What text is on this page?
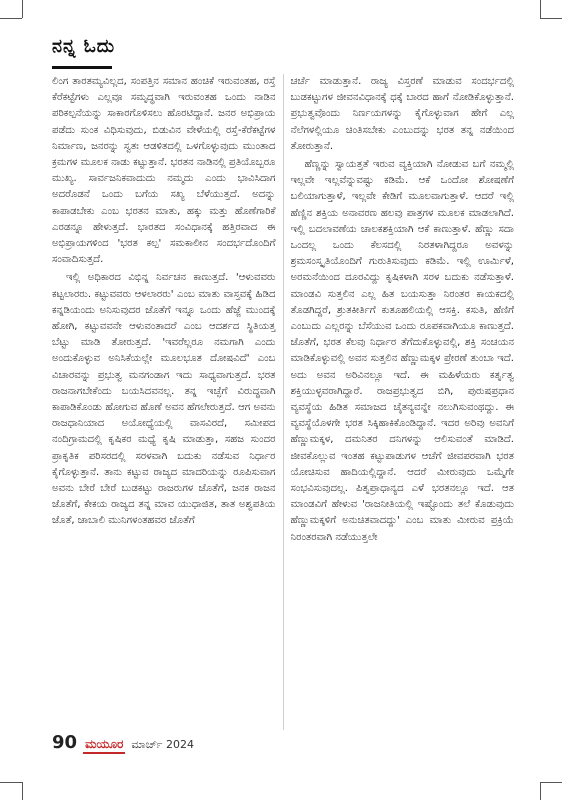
ನನ್ನ ಓದು

ಲಿಂಗ ತಾರತಮ್ಯವಿಲ್ಲದ, ಸಂಪತ್ತಿನ ಸಮಾನ ಹಂಚಿಕೆ ಇರುವಂತಹ, ರಸ್ತೆ ಕೆರೆಕಟ್ಟೆಗಳು ಎಲ್ಲವೂ ಸಮೃದ್ಧವಾಗಿ ಇರುವಂತಹ ಒಂದು ನಾಡಿನ ಪರಿಕಲ್ಪನೆಯನ್ನು ಸಾಕಾರಗೊಳಿಸಲು ಹೊರಟಿದ್ದಾನೆ. ಜನರ ಅಭಿಪ್ರಾಯ ಪಡೆದು ಸುಂಕ ವಿಧಿಸುವುದು, ಬಿಡುವಿನ ವೇಳೆಯಲ್ಲಿ ರಸ್ತೆ-ಕೆರೆಕಟ್ಟೆಗಳ ನಿರ್ಮಾಣ, ಜನರನ್ನು ಸ್ವತಃ ಆಡಳಿತದಲ್ಲಿ ಒಳಗೊಳ್ಳುವುದು ಮುಂತಾದ ಕ್ರಮಗಳ ಮೂಲಕ ನಾಡು ಕಟ್ಟುತ್ತಾನೆ. ಭರತನ ನಾಡಿನಲ್ಲಿ ಪ್ರತಿಯೊಬ್ಬರೂ ಮುಖ್ಯ. ಸಾರ್ವಜನಿಕವಾದುದು ನಮ್ಮದು ಎಂದು ಭಾವಿಸಿದಾಗ ಅದರೊಡನೆ ಒಂದು ಬಗೆಯ ಸಖ್ಯ ಬೆಳೆಯುತ್ತದೆ. ಅದನ್ನು ಕಾಪಾಡಬೇಕು ಎಂಬ ಭರತನ ಮಾತು, ಹಕ್ಕು ಮತ್ತು ಹೊಣೆಗಾರಿಕೆ ಎರಡನ್ನೂ ಹೇಳುತ್ತದೆ. ಭಾರತದ ಸಂವಿಧಾನಕ್ಕೆ ಹತ್ತಿರವಾದ ಈ ಅಭಿಪ್ರಾಯಗಳಿಂದ 'ಭರತ ಕಲ್ಪ' ಸಮಕಾಲೀನ ಸಂದರ್ಭದೊಂದಿಗೆ ಸಂವಾದಿಸುತ್ತದೆ.

ಇಲ್ಲಿ ಅಧಿಕಾರದ ವಿಭಿನ್ನ ನಿರ್ವಚನ ಕಾಣುತ್ತದೆ. 'ಆಳುವವರು ಕಟ್ಟಲಾರರು. ಕಟ್ಟುವವರು ಆಳಲಾರರು' ಎಂಬ ಮಾತು ವಾಸ್ತವಕ್ಕೆ ಹಿಡಿದ ಕನ್ನಡಿಯಂದು ಅನಿಸುವುದರ ಜೊತೆಗೆ ಇನ್ನೂ ಒಂದು ಹೆಜ್ಜೆ ಮುಂದಕ್ಕೆ ಹೋಗಿ, ಕಟ್ಟುವವನೇ ಆಳುವಂತಾದರೆ ಎಂಬ ಆದರ್ಶದ ಸ್ಥಿತಿಯತ್ತ ಬೆಟ್ಟು ಮಾಡಿ ತೋರುತ್ತದೆ. 'ಇವರೆಲ್ಲರೂ ನಮಗಾಗಿ ಎಂದು ಅಂದುಕೊಳ್ಳುವ ಅನಿಸಿಕೆಯಲ್ಲೇ ಮೂಲಭೂತ ದೋಷವಿದೆ' ಎಂಬ ವಿಚಾರವನ್ನು ಪ್ರಭುತ್ವ ಮನಗಂಡಾಗ ಇದು ಸಾಧ್ಯವಾಗುತ್ತದೆ. ಭರತ ರಾಜನಾಗಬೇಕೆಂದು ಬಯಸಿದವನಲ್ಲ. ತನ್ನ ಇಚ್ಛೆಗೆ ವಿರುದ್ಧವಾಗಿ ಕಾಪಾಡಿಕೊಂಡು ಹೋಗುವ ಹೊಣೆ ಅವನ ಹೆಗಲೇರುತ್ತದೆ. ಆಗ ಅವನು ರಾಜಧಾನಿಯಾದ ಅಯೋಧ್ಯೆಯಲ್ಲಿ ವಾಸವಿರದೆ, ಸಮೀಪದ ನಂದಿಗ್ರಾಮದಲ್ಲಿ ಕೃಷಿಕರ ಮಧ್ಯೆ ಕೃಷಿ ಮಾಡುತ್ತಾ, ಸಹಜ ಸುಂದರ ಪ್ರಾಕೃತಿಕ ಪರಿಸರದಲ್ಲಿ ಸರಳವಾಗಿ ಬದುಕು ನಡೆಸುವ ನಿರ್ಧಾರ ಕೈಗೊಳ್ಳುತ್ತಾನೆ. ತಾನು ಕಟ್ಟುವ ರಾಜ್ಯದ ಮಾದರಿಯನ್ನು ರೂಪಿಸುವಾಗ ಅವನು ಬೇರೆ ಬೇರೆ ಬುಡಕಟ್ಟು ರಾಜರುಗಳ ಜೊತೆಗೆ, ಜನಕ ರಾಜನ ಜೊತೆಗೆ, ಕೇಕಯ ರಾಜ್ಯದ ತನ್ನ ಮಾವ ಯುಧಾಜಿತ, ತಾತ ಅಶ್ವಪತಿಯ ಜೊತೆ, ಜಾಬಾಲಿ ಮುನಿಗಳಂತಹವರ ಜೊತೆಗೆ

ಚರ್ಚೆ ಮಾಡುತ್ತಾನೆ. ರಾಜ್ಯ ವಿಸ್ತರಣೆ ಮಾಡುವ ಸಂದರ್ಭದಲ್ಲಿ ಬುಡಕಟ್ಟುಗಳ ಜೀವನವಿಧಾನಕ್ಕೆ ಧಕ್ಕೆ ಬಾರದ ಹಾಗೆ ನೋಡಿಕೊಳ್ಳುತ್ತಾನೆ. ಪ್ರಭುತ್ವವೊಂದು ನಿರ್ಣಯಗಳನ್ನು ಕೈಗೊಳ್ಳುವಾಗ ಹೇಗೆ ಎಲ್ಲ ನೆಲೆಗಳಲ್ಲಿಯೂ ಚಿಂತಿಸಬೇಕು ಎಂಬುದನ್ನು ಭರತ ತನ್ನ ನಡೆಯಿಂದ ತೋರುತ್ತಾನೆ.

ಹೆಣ್ಣನ್ನು ಸ್ವಾಯತ್ತತೆ ಇರುವ ವ್ಯಕ್ತಿಯಾಗಿ ನೋಡುವ ಬಗೆ ನಮ್ಮಲ್ಲಿ ಇಲ್ಲವೇ ಇಲ್ಲವೆನ್ನುವಷ್ಟು ಕಡಿಮೆ. ಆಕೆ ಒಂದೋ ಶೋಷಣೆಗೆ ಬಲಿಯಾಗುತ್ತಾಳೆ, ಇಲ್ಲವೇ ಕೇಡಿಗೆ ಮೂಲವಾಗುತ್ತಾಳೆ. ಆದರೆ ಇಲ್ಲಿ ಹೆಣ್ಣಿನ ಶಕ್ತಿಯ ಅನಾವರಣ ಹಲವು ಪಾತ್ರಗಳ ಮೂಲಕ ಮಾಡಲಾಗಿದೆ. ಇಲ್ಲಿ ಬದಲಾವಣೆಯ ಚಾಲಕಶಕ್ತಿಯಾಗಿ ಆಕೆ ಕಾಣುತ್ತಾಳೆ. ಹೆಣ್ಣು ಸದಾ ಒಂದಲ್ಲ ಒಂದು ಕೆಲಸದಲ್ಲಿ ನಿರತಳಾಗಿದ್ದರೂ ಅವಳನ್ನು ಶ್ರಮಸಂಸ್ಕೃತಿಯೊಂದಿಗೆ ಗುರುತಿಸುವುದು ಕಡಿಮೆ. ಇಲ್ಲಿ ಊರ್ಮಿಳೆ, ಅರಮನೆಯಿಂದ ದೂರವಿದ್ದು ಕೃಷಿಕಳಾಗಿ ಸರಳ ಬದುಕು ನಡೆಸುತ್ತಾಳೆ. ಮಾಂಡವಿ ಸುತ್ತಲಿನ ಎಲ್ಲ ಹಿತ ಬಯಸುತ್ತಾ ನಿರಂತರ ಕಾಯಕದಲ್ಲಿ ತೊಡಗಿದ್ದರೆ, ಶ್ರುತಕೀರ್ತಿಗೆ ಕುತೂಹಲಿಯಲ್ಲಿ ಆಸಕ್ತಿ. ಕಸುತಿ, ಹೆಣಿಗೆ ಎಂಬುದು ಎಲ್ಲರನ್ನು ಬೆಸೆಯುವ ಒಂದು ರೂಪಕವಾಗಿಯೂ ಕಾಣುತ್ತದೆ. ಜೊತೆಗೆ, ಭರತ ಕೆಲವು ನಿರ್ಧಾರ ತೆಗೆದುಕೊಳ್ಳುವಲ್ಲಿ, ಶಕ್ತಿ ಸಂಚಯನ ಮಾಡಿಕೊಳ್ಳುವಲ್ಲಿ ಅವನ ಸುತ್ತಲಿನ ಹೆಣ್ಣುಮಕ್ಕಳ ಪ್ರೇರಣೆ ತುಂಬಾ ಇದೆ. ಅದು ಅವನ ಅರಿವಿನಲ್ಲೂ ಇದೆ. ಈ ಮಹಿಳೆಯರು ಕರ್ತೃತ್ವ ಶಕ್ತಿಯುಳ್ಳವರಾಗಿದ್ದಾರೆ. ರಾಜಪ್ರಭುತ್ವದ ಬಿಗಿ, ಪುರುಷಪ್ರಧಾನ ವ್ಯವಸ್ಥೆಯ ಹಿಡಿತ ಸಮಾಜದ ಚೈತನ್ಯವನ್ನೇ ನಲುಗಿಸುವಂಥದ್ದು. ಈ ವ್ಯವಸ್ಥೆಯೊಳಗೇ ಭರತ ಸಿಕ್ಕಿಹಾಕಿಕೊಂಡಿದ್ದಾನೆ. ಇದರ ಅರಿವು ಅವನಿಗೆ ಹೆಣ್ಣುಮಕ್ಕಳ, ದಮನಿತರ ದನಿಗಳನ್ನು ಆಲಿಸುವಂತೆ ಮಾಡಿದೆ. ಜೀವಕೊಲ್ಲುವ ಇಂತಹ ಕಟ್ಟುಪಾಡುಗಳ ಆಚೆಗೆ ಜೀವಪರವಾಗಿ ಭರತ ಯೋಚಿಸುವ ಹಾದಿಯಲ್ಲಿದ್ದಾನೆ. ಆದರೆ ಮೀರುವುದು ಒಮ್ಮೆಗೇ ಸಂಭವಿಸುವುದಲ್ಲ. ಪಿತೃಪ್ರಾಧಾನ್ಯದ ಎಳೆ ಭರತನಲ್ಲೂ ಇದೆ. ಆತ ಮಾಂಡವಿಗೆ ಹೇಳುವ 'ರಾಜನೀತಿಯಲ್ಲಿ ಇಷ್ಟೊಂದು ತಲೆ ಕೊಡುವುದು ಹೆಣ್ಣುಮಕ್ಕಳಿಗೆ ಅನುಚಿತವಾದದ್ದು' ಎಂಬ ಮಾತು ಮೀರುವ ಪ್ರಕ್ರಿಯೆ ನಿರಂತರವಾಗಿ ನಡೆಯುತ್ತಲೇ

90 ಮಯೂರ ಮಾರ್ಚ್ 2024
